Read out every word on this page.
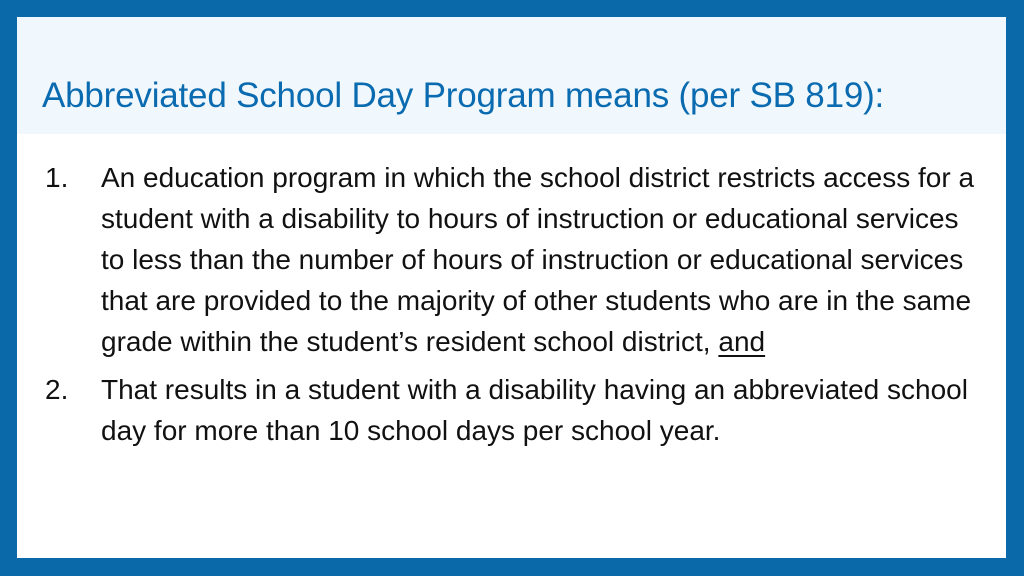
Abbreviated School Day Program means (per SB 819):
1.	An education program in which the school district restricts access for a student with a disability to hours of instruction or educational services to less than the number of hours of instruction or educational services that are provided to the majority of other students who are in the same grade within the student’s resident school district, and
2.	That results in a student with a disability having an abbreviated school day for more than 10 school days per school year.
